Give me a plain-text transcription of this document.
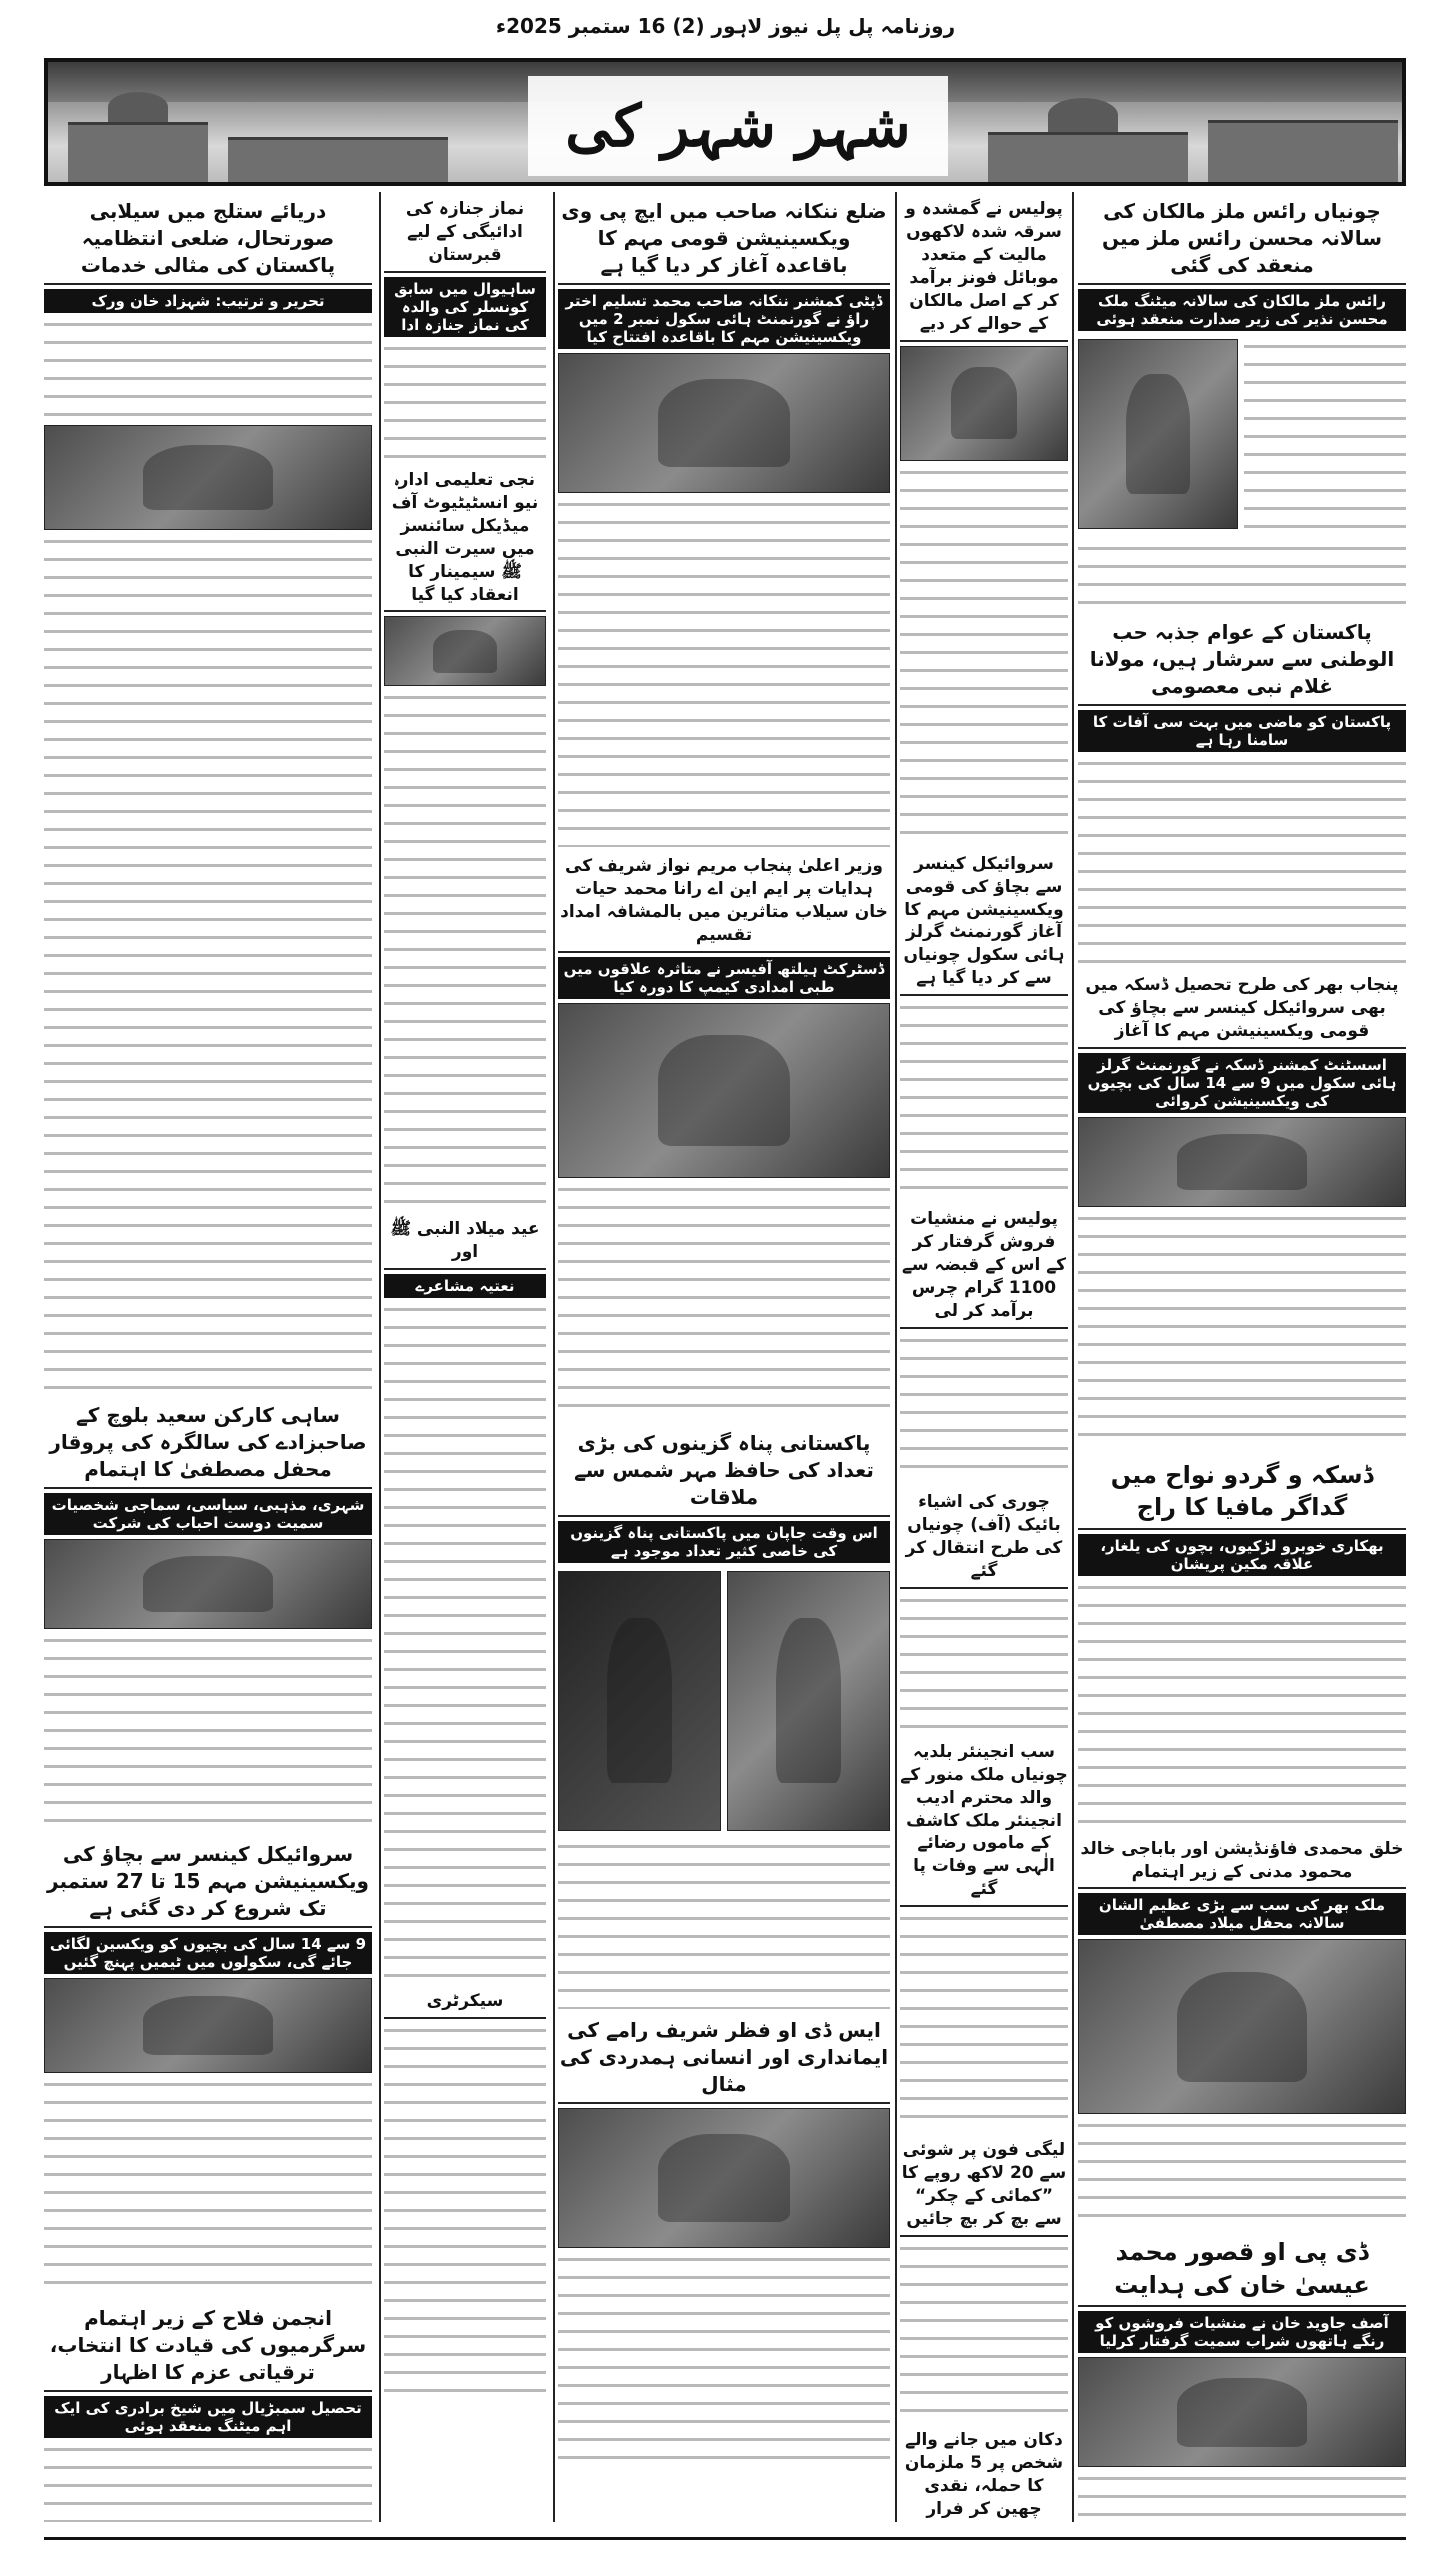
روزنامہ پل پل نیوز لاہور (2) 16 ستمبر 2025ء
شہر شہر کی
چونیاں رائس ملز مالکان کی سالانہ محسن رائس ملز میں منعقد کی گئی
رائس ملز مالکان کی سالانہ میٹنگ ملک محسن نذیر کی زیر صدارت منعقد ہوئی
پاکستان کے عوام جذبہ حب الوطنی سے سرشار ہیں، مولانا غلام نبی معصومی
پاکستان کو ماضی میں بہت سی آفات کا سامنا رہا ہے
پنجاب بھر کی طرح تحصیل ڈسکہ میں بھی سروائیکل کینسر سے بچاؤ کی قومی ویکسینیشن مہم کا آغاز
اسسٹنٹ کمشنر ڈسکہ نے گورنمنٹ گرلز ہائی سکول میں 9 سے 14 سال کی بچیوں کی ویکسینیشن کروائی
ڈسکہ و گردو نواح میں گداگر مافیا کا راج
بھکاری خوبرو لڑکیوں، بچوں کی یلغار، علاقہ مکین پریشان
خلق محمدی فاؤنڈیشن اور باباجی خالد محمود مدنی کے زیر اہتمام
ملک بھر کی سب سے بڑی عظیم الشان سالانہ محفل میلاد مصطفیٰ
ڈی پی او قصور محمد عیسیٰ خان کی ہدایت
آصف جاوید خان نے منشیات فروشوں کو رنگے ہاتھوں شراب سمیت گرفتار کرلیا
پولیس نے گمشدہ و سرقہ شدہ لاکھوں مالیت کے متعدد موبائل فونز برآمد کر کے اصل مالکان کے حوالے کر دیے
سروائیکل کینسر سے بچاؤ کی قومی ویکسینیشن مہم کا آغاز گورنمنٹ گرلز ہائی سکول چونیاں سے کر دیا گیا ہے
پولیس نے منشیات فروش گرفتار کر کے اس کے قبضہ سے 1100 گرام چرس برآمد کر لی
چوری کی اشیاء بائیک (آف) چونیاں کی طرح انتقال کر گئے
سب انجینئر بلدیہ چونیاں ملک منور کے والد محترم ادیب انجینئر ملک کاشف کے ماموں رضائے الٰہی سے وفات پا گئے
لیگی فون پر شوئی سے 20 لاکھ روپے کا ”کمائی کے چکر“ سے بچ کر بچ جائیں
دکان میں جانے والے شخص پر 5 ملزمان کا حملہ، نقدی چھین کر فرار
ضلع ننکانہ صاحب میں ایچ پی وی ویکسینیشن قومی مہم کا باقاعدہ آغاز کر دیا گیا ہے
ڈپٹی کمشنر ننکانہ صاحب محمد تسلیم اختر راؤ نے گورنمنٹ ہائی سکول نمبر 2 میں ویکسینیشن مہم کا باقاعدہ افتتاح کیا
وزیر اعلیٰ پنجاب مریم نواز شریف کی ہدایات پر ایم این اے رانا محمد حیات خان سیلاب متاثرین میں بالمشافہ امداد تقسیم
ڈسٹرکٹ ہیلتھ آفیسر نے متاثرہ علاقوں میں طبی امدادی کیمپ کا دورہ کیا
پاکستانی پناہ گزینوں کی بڑی تعداد کی حافظ مہر شمس سے ملاقات
اس وقت جاپان میں پاکستانی پناہ گزینوں کی خاصی کثیر تعداد موجود ہے
ایس ڈی او فظر شریف رامے کی ایمانداری اور انسانی ہمدردی کی مثال
نماز جنازہ کی ادائیگی کے لیے قبرستان
ساہیوال میں سابق کونسلر کی والدہ کی نماز جنازہ ادا
نجی تعلیمی ادارہ نیو انسٹیٹیوٹ آف میڈیکل سائنسز میں سیرت النبی ﷺ سیمینار کا انعقاد کیا گیا
عید میلاد النبی ﷺ اور
نعتیہ مشاعرے
سیکرٹری
دریائے ستلج میں سیلابی صورتحال، ضلعی انتظامیہ پاکستان کی مثالی خدمات
تحریر و ترتیب: شہزاد خان ورک
ساہی کارکن سعید بلوچ کے صاحبزادے کی سالگرہ کی پروقار محفل مصطفیٰ کا اہتمام
شہری، مذہبی، سیاسی، سماجی شخصیات سمیت دوست احباب کی شرکت
سروائیکل کینسر سے بچاؤ کی ویکسینیشن مہم 15 تا 27 ستمبر تک شروع کر دی گئی ہے
9 سے 14 سال کی بچیوں کو ویکسین لگائی جائے گی، سکولوں میں ٹیمیں پہنچ گئیں
انجمن فلاح کے زیر اہتمام سرگرمیوں کی قیادت کا انتخاب، ترقیاتی عزم کا اظہار
تحصیل سمبڑیال میں شیخ برادری کی ایک اہم میٹنگ منعقد ہوئی
